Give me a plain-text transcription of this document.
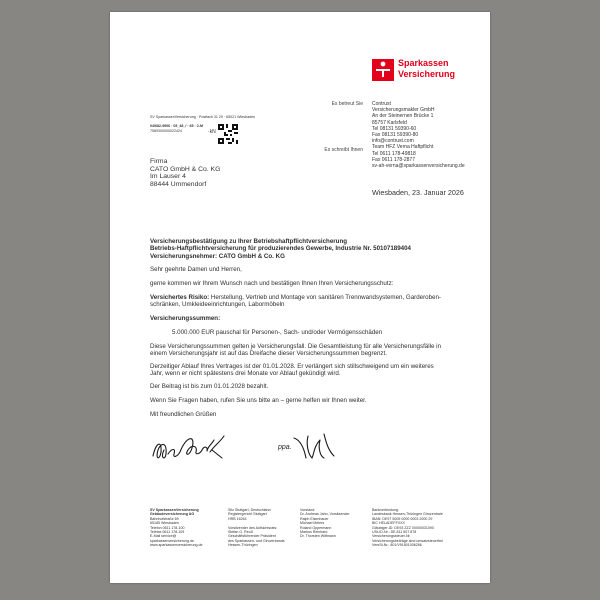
Sparkassen
Versicherung
SV SparkassenVersicherung · Postfach 31 29 · 65021 Wiesbaden
049/82-9906 · 05_48_/ · 65 · 2-M
7589300000022424	·kN
Firma
CATO GmbH & Co. KG
Im Lauser 4
88444 Ummendorf
Es betreut Sie
Es schreibt Ihnen
Contrust
Versicherungsmakler GmbH
An der Steinernen Brücke 1
85757 Karlsfeld
Tel 08131 59390-60
Fax 08131 59390-80
info@contrust.com
Team HFZ Verna Haftpflicht
Tel 0611 178-49818
Fax 0611 178-2877
sv-ah-verna@sparkassenversicherung.de
Wiesbaden, 23. Januar 2026
Versicherungsbestätigung zu Ihrer Betriebshaftpflichtversicherung
Betriebs-Haftpflichtversicherung für produzierendes Gewerbe, Industrie Nr. 50107189404
Versicherungsnehmer: CATO GmbH & Co. KG
Sehr geehrte Damen und Herren,
gerne kommen wir Ihrem Wunsch nach und bestätigen Ihnen Ihren Versicherungsschutz:
Versichertes Risiko: Herstellung, Vertrieb und Montage von sanitären Trennwandsystemen, Garderoben-
schränken, Umkleideeinrichtungen, Labormöbeln
Versicherungssummen:
5.000.000 EUR pauschal für Personen-, Sach- und/oder Vermögensschäden
Diese Versicherungssummen gelten je Versicherungsfall. Die Gesamtleistung für alle Versicherungsfälle in
einem Versicherungsjahr ist auf das Dreifache dieser Versicherungssummen begrenzt.
Derzeitiger Ablauf Ihres Vertrages ist der 01.01.2028. Er verlängert sich stillschweigend um ein weiteres
Jahr, wenn er nicht spätestens drei Monate vor Ablauf gekündigt wird.
Der Beitrag ist bis zum 01.01.2028 bezahlt.
Wenn Sie Fragen haben, rufen Sie uns bitte an – gerne helfen wir Ihnen weiter.
Mit freundlichen Grüßen
ppa.
SV SparkassenVersicherung
Gebäudeversicherung AG
Bahnhofstraße 69
65185 Wiesbaden
Telefon 0611 178-100
Telefax 0611 178-109
E-Mail service@
sparkassenversicherung.de
www.sparkassenversicherung.de
Sitz Stuttgart, Deutschland
Registergericht Stuttgart
HRB 16264

Vorsitzender des Aufsichtsrats:
Stefan G. Reuß
Geschäftsführender Präsident
des Sparkassen- und Giroverbands
Hessen-Thüringen
Vorstand:
Dr. Andreas Jahn, Vorsitzender
Ralph Eisenhauer
Michael Meiers
Roland Oppermann
Markus Reinhard
Dr. Thorsten Wittmann
Bankverbindung:
Landesbank Hessen-Thüringen Girozentrale
IBAN: DE97 5005 0000 0003 2000 29
BIC HELADEFFXXX
Gläubiger-ID: DE93 ZZZ 00000031090
USt-ID-Nr.: DE 811 607 878
Versicherungssteuer-Nr.
Versicherungsbeiträge sind umsatzsteuerfrei
VersSt-Nr.: 801/V91801006266
